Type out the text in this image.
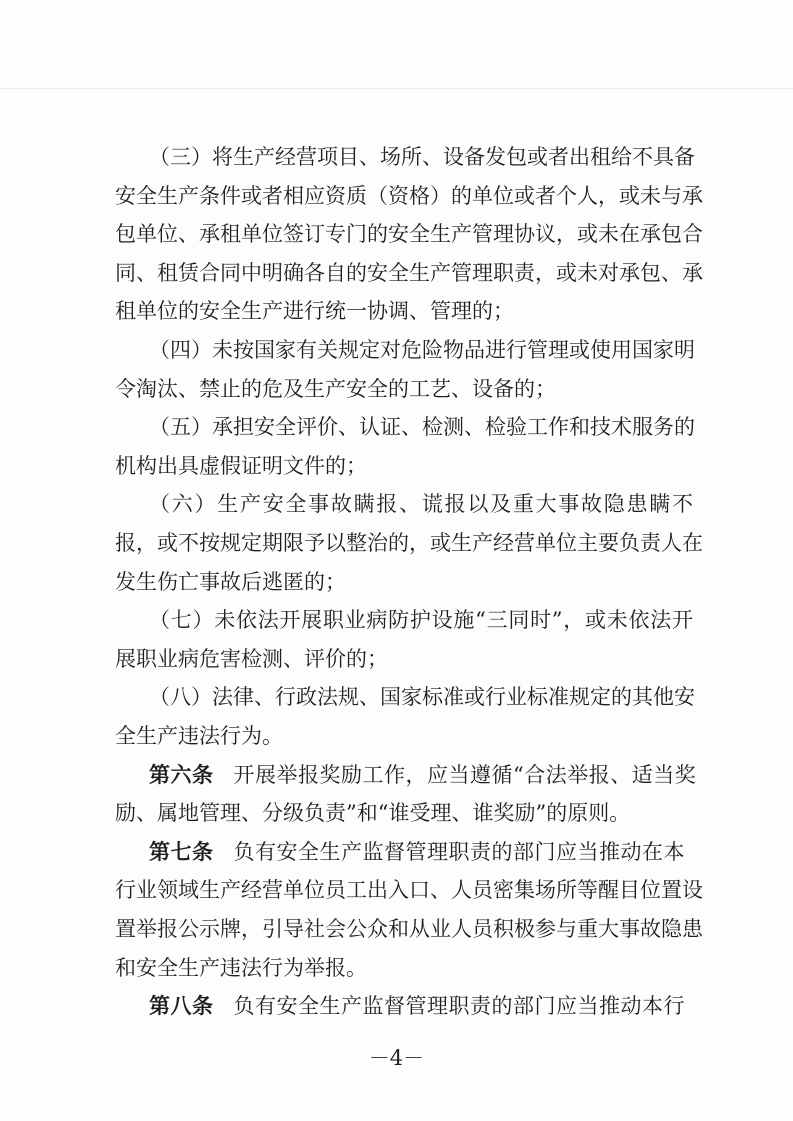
（三）将生产经营项目、场所、设备发包或者出租给不具备
安全生产条件或者相应资质（资格）的单位或者个人，或未与承
包单位、承租单位签订专门的安全生产管理协议，或未在承包合
同、租赁合同中明确各自的安全生产管理职责，或未对承包、承
租单位的安全生产进行统一协调、管理的；
（四）未按国家有关规定对危险物品进行管理或使用国家明
令淘汰、禁止的危及生产安全的工艺、设备的；
（五）承担安全评价、认证、检测、检验工作和技术服务的
机构出具虚假证明文件的；
（六）生产安全事故瞒报、谎报以及重大事故隐患瞒不
报，或不按规定期限予以整治的，或生产经营单位主要负责人在
发生伤亡事故后逃匿的；
（七）未依法开展职业病防护设施“三同时”，或未依法开
展职业病危害检测、评价的；
（八）法律、行政法规、国家标准或行业标准规定的其他安
全生产违法行为。
第六条 开展举报奖励工作，应当遵循“合法举报、适当奖
励、属地管理、分级负责”和“谁受理、谁奖励”的原则。
第七条 负有安全生产监督管理职责的部门应当推动在本
行业领域生产经营单位员工出入口、人员密集场所等醒目位置设
置举报公示牌，引导社会公众和从业人员积极参与重大事故隐患
和安全生产违法行为举报。
第八条 负有安全生产监督管理职责的部门应当推动本行
－4－
